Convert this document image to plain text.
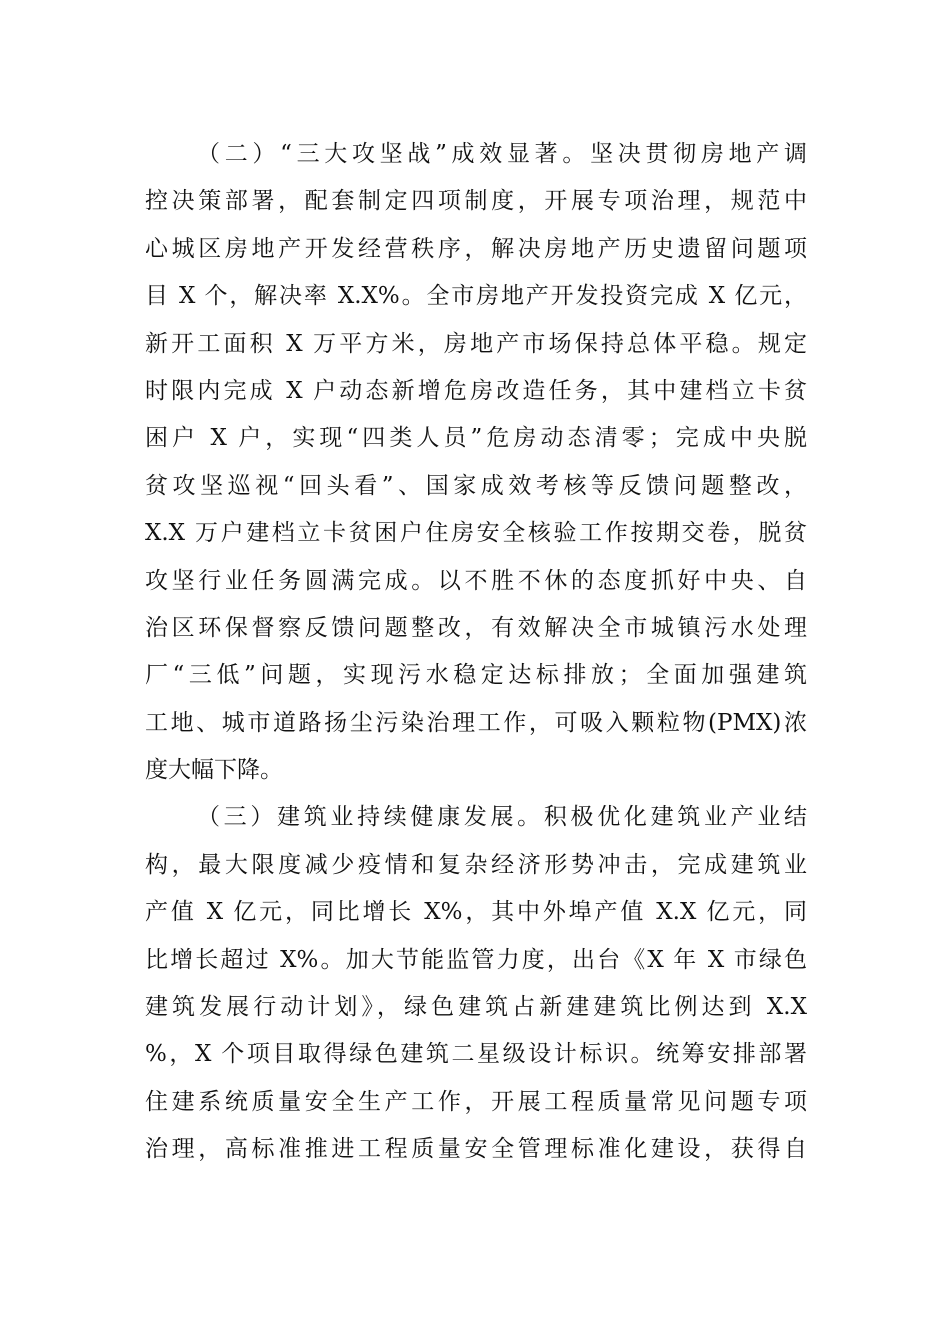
（二）“三大攻坚战”成效显著。坚决贯彻房地产调
控决策部署，配套制定四项制度，开展专项治理，规范中
心城区房地产开发经营秩序，解决房地产历史遗留问题项
目 X 个，解决率 X.X%。全市房地产开发投资完成 X 亿元，
新开工面积 X 万平方米，房地产市场保持总体平稳。规定
时限内完成 X 户动态新增危房改造任务，其中建档立卡贫
困户 X 户，实现“四类人员”危房动态清零；完成中央脱
贫攻坚巡视“回头看”、国家成效考核等反馈问题整改，
X.X 万户建档立卡贫困户住房安全核验工作按期交卷，脱贫
攻坚行业任务圆满完成。以不胜不休的态度抓好中央、自
治区环保督察反馈问题整改，有效解决全市城镇污水处理
厂“三低”问题，实现污水稳定达标排放；全面加强建筑
工地、城市道路扬尘污染治理工作，可吸入颗粒物(PMX)浓
度大幅下降。
（三）建筑业持续健康发展。积极优化建筑业产业结
构，最大限度减少疫情和复杂经济形势冲击，完成建筑业
产值 X 亿元，同比增长 X%，其中外埠产值 X.X 亿元，同
比增长超过 X%。加大节能监管力度，出台《X 年 X 市绿色
建筑发展行动计划》，绿色建筑占新建建筑比例达到 X.X
%，X 个项目取得绿色建筑二星级设计标识。统筹安排部署
住建系统质量安全生产工作，开展工程质量常见问题专项
治理，高标准推进工程质量安全管理标准化建设，获得自
